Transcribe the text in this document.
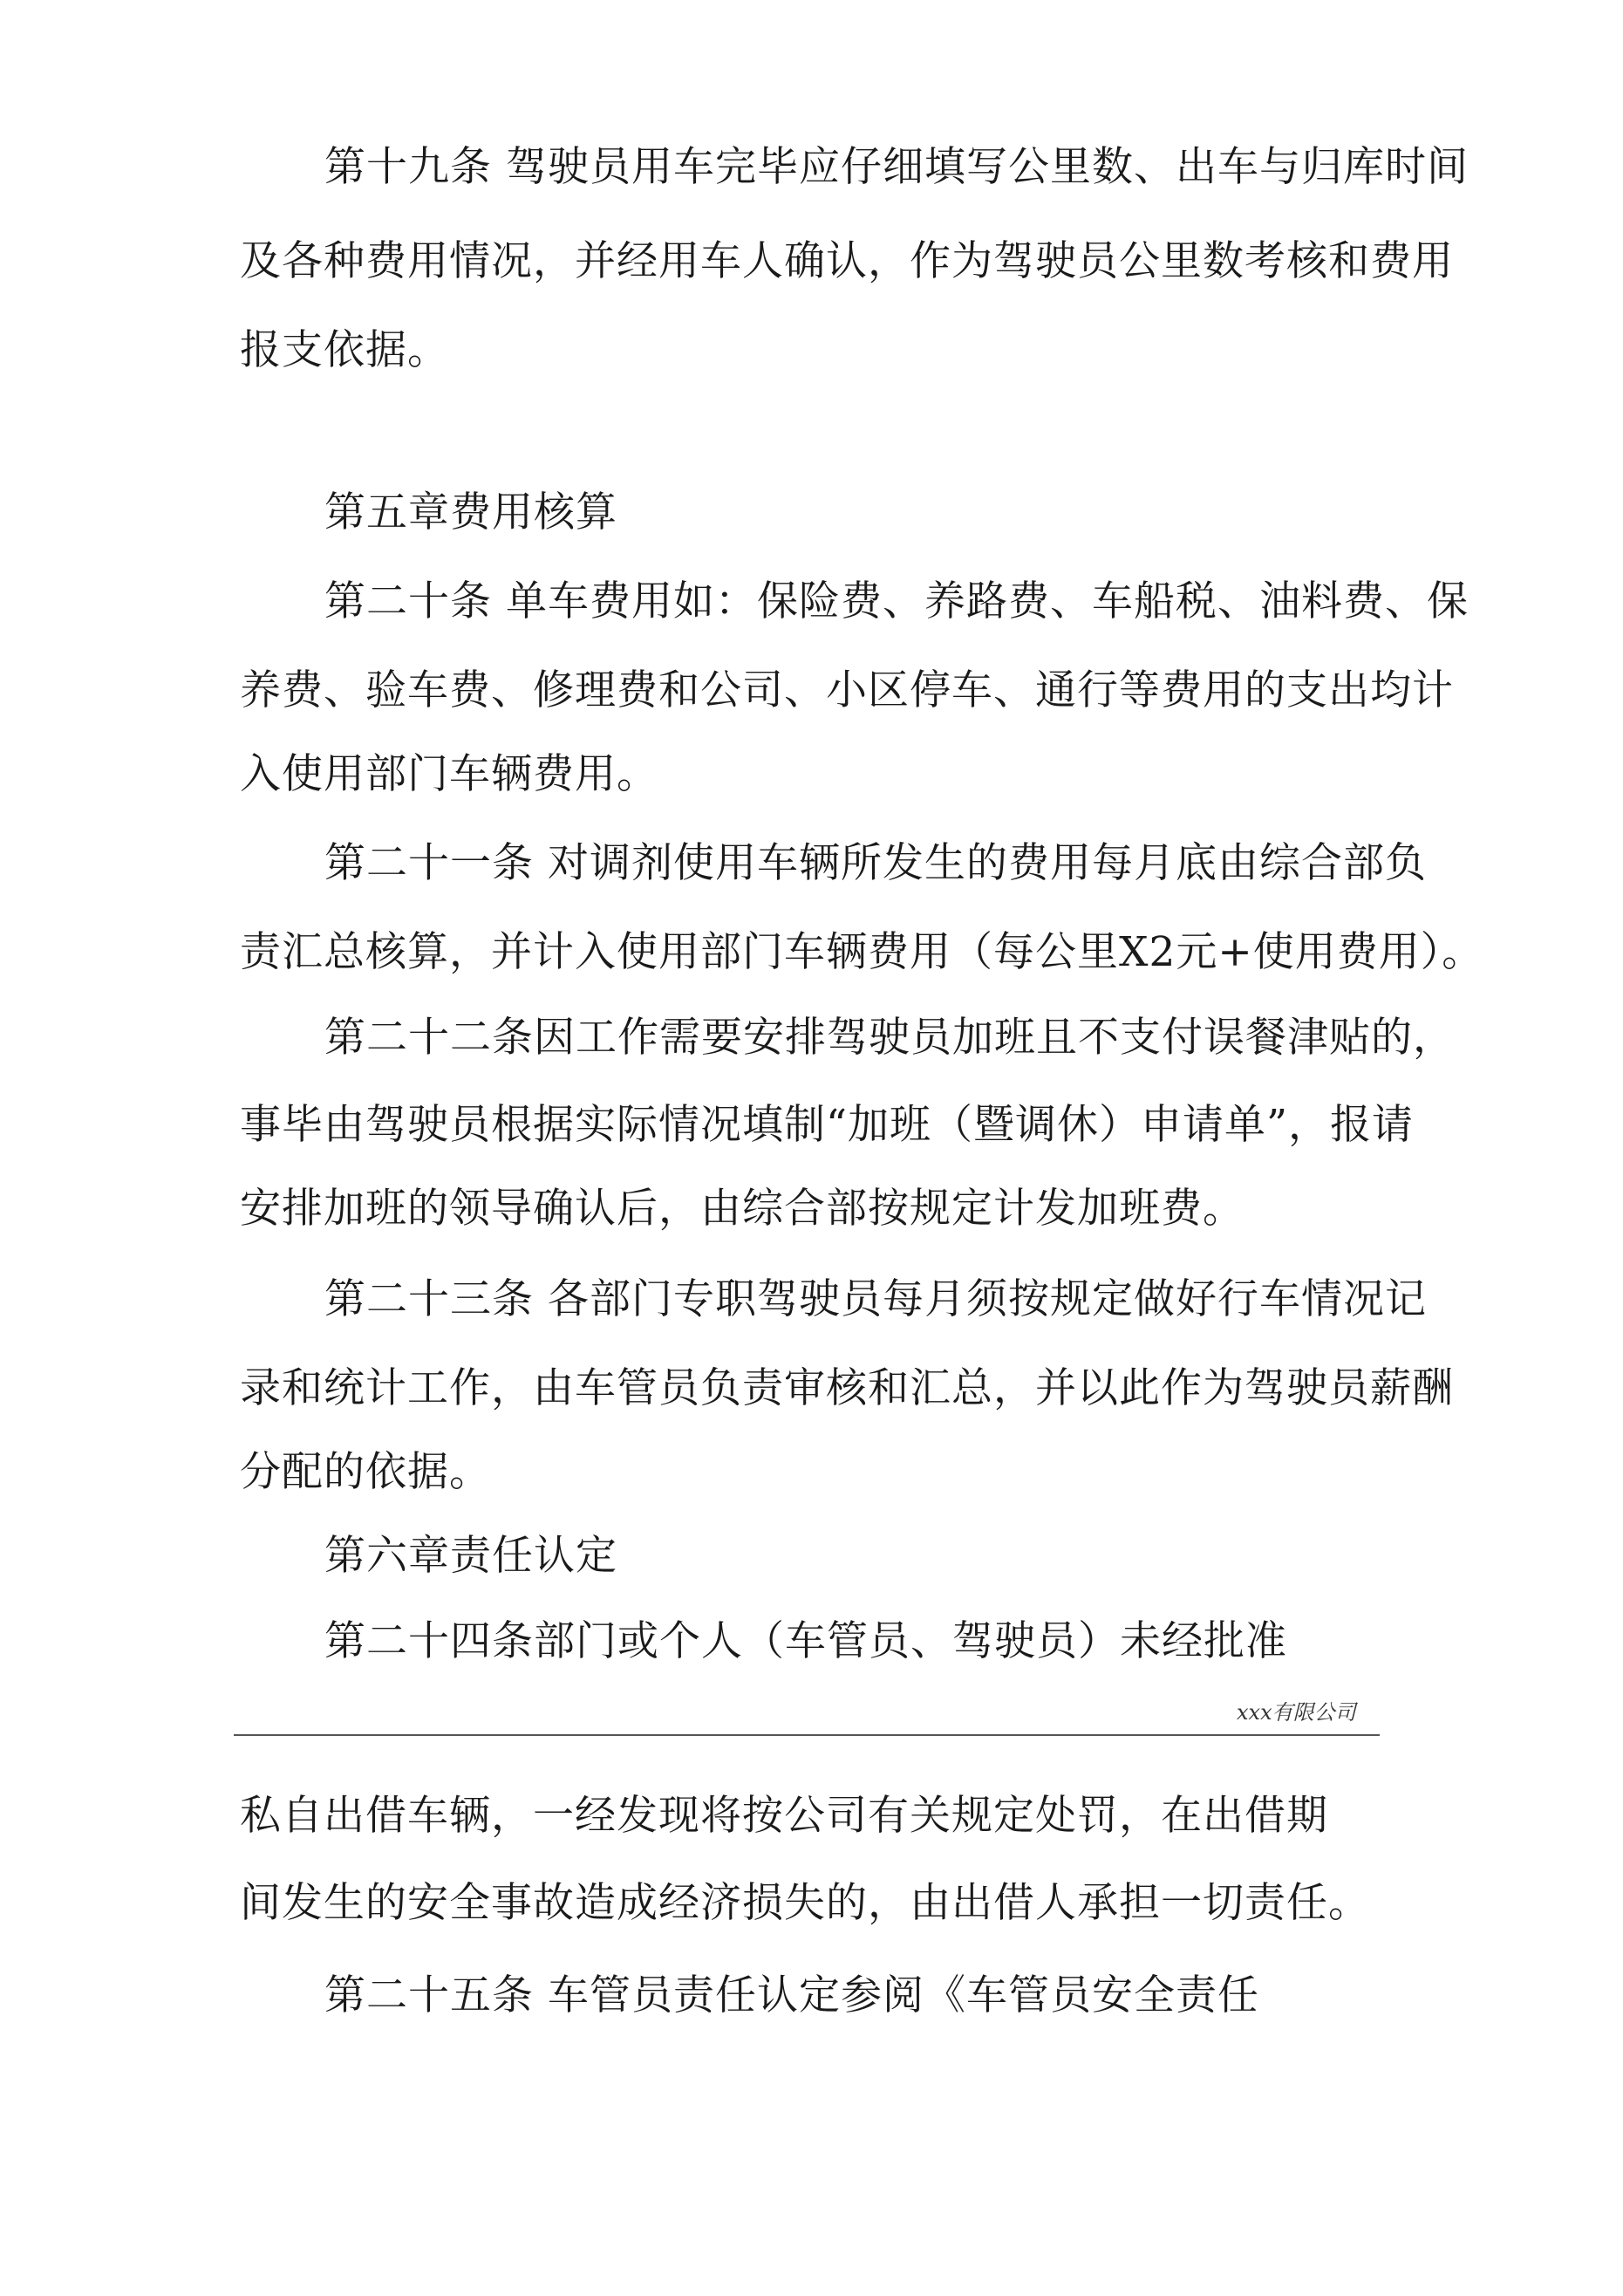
第十九条 驾驶员用车完毕应仔细填写公里数、出车与归库时间
及各种费用情况，并经用车人确认，作为驾驶员公里数考核和费用
报支依据。
第五章费用核算
第二十条 单车费用如：保险费、养路费、车船税、油料费、保
养费、验车费、修理费和公司、小区停车、通行等费用的支出均计
入使用部门车辆费用。
第二十一条 对调剂使用车辆所发生的费用每月底由综合部负
责汇总核算，并计入使用部门车辆费用（每公里X2元+使用费用）。
第二十二条因工作需要安排驾驶员加班且不支付误餐津贴的，
事毕由驾驶员根据实际情况填制“加班（暨调休）申请单”，报请
安排加班的领导确认后，由综合部按规定计发加班费。
第二十三条 各部门专职驾驶员每月须按规定做好行车情况记
录和统计工作，由车管员负责审核和汇总，并以此作为驾驶员薪酬
分配的依据。
第六章责任认定
第二十四条部门或个人（车管员、驾驶员）未经批准
xxx有限公司
私自出借车辆，一经发现将按公司有关规定处罚，在出借期
间发生的安全事故造成经济损失的，由出借人承担一切责任。
第二十五条 车管员责任认定参阅《车管员安全责任
